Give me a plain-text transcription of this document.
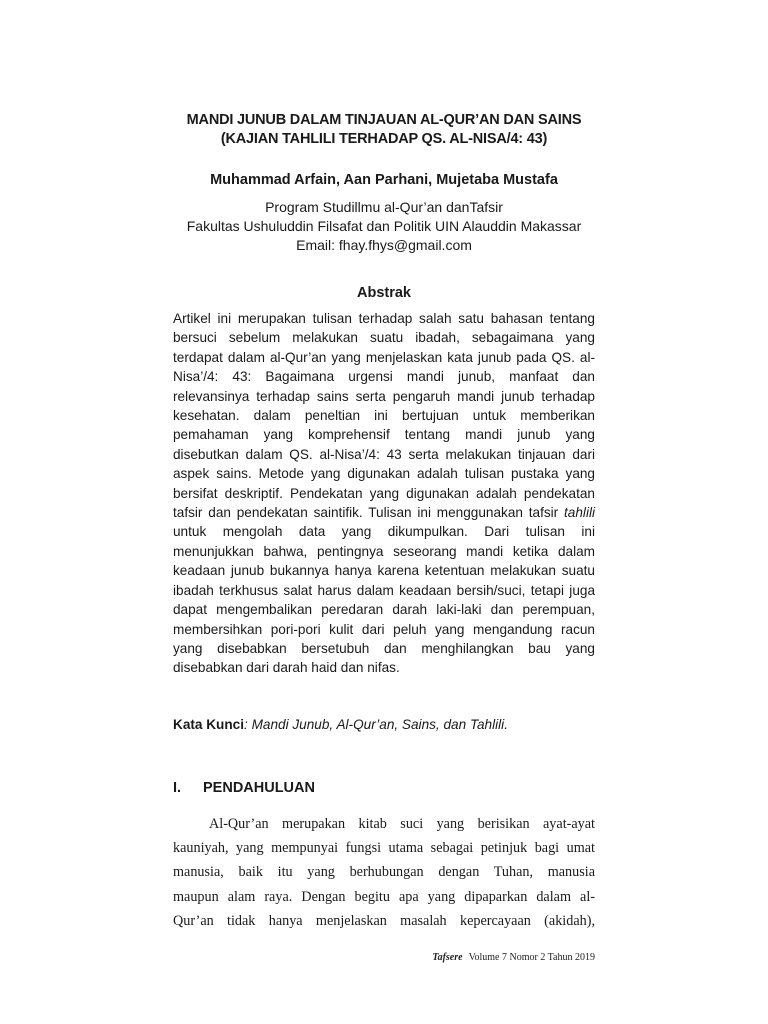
MANDI JUNUB DALAM TINJAUAN AL-QUR’AN DAN SAINS
(KAJIAN TAHLILI TERHADAP QS. AL-NISA/4: 43)
Muhammad Arfain, Aan Parhani, Mujetaba Mustafa
Program Studillmu al-Qur’an danTafsir
Fakultas Ushuluddin Filsafat dan Politik UIN Alauddin Makassar
Email: fhay.fhys@gmail.com
Abstrak
Artikel ini merupakan tulisan terhadap salah satu bahasan tentang
bersuci sebelum melakukan suatu ibadah, sebagaimana yang
terdapat dalam al-Qur’an yang menjelaskan kata junub pada QS. al-
Nisa’/4: 43: Bagaimana urgensi mandi junub, manfaat dan
relevansinya terhadap sains serta pengaruh mandi junub terhadap
kesehatan. dalam peneltian ini bertujuan untuk memberikan
pemahaman yang komprehensif tentang mandi junub yang
disebutkan dalam QS. al-Nisa’/4: 43 serta melakukan tinjauan dari
aspek sains. Metode yang digunakan adalah tulisan pustaka yang
bersifat deskriptif. Pendekatan yang digunakan adalah pendekatan
tafsir dan pendekatan saintifik. Tulisan ini menggunakan tafsir tahlili
untuk mengolah data yang dikumpulkan. Dari tulisan ini
menunjukkan bahwa, pentingnya seseorang mandi ketika dalam
keadaan junub bukannya hanya karena ketentuan melakukan suatu
ibadah terkhusus salat harus dalam keadaan bersih/suci, tetapi juga
dapat mengembalikan peredaran darah laki-laki dan perempuan,
membersihkan pori-pori kulit dari peluh yang mengandung racun
yang disebabkan bersetubuh dan menghilangkan bau yang
disebabkan dari darah haid dan nifas.
Kata Kunci: Mandi Junub, Al-Qur’an, Sains, dan Tahlili.
I. PENDAHULUAN
Al-Qur’an merupakan kitab suci yang berisikan ayat-ayat
kauniyah, yang mempunyai fungsi utama sebagai petinjuk bagi umat
manusia, baik itu yang berhubungan dengan Tuhan, manusia
maupun alam raya. Dengan begitu apa yang dipaparkan dalam al-
Qur’an tidak hanya menjelaskan masalah kepercayaan (akidah),
Tafsere Volume 7 Nomor 2 Tahun 2019
